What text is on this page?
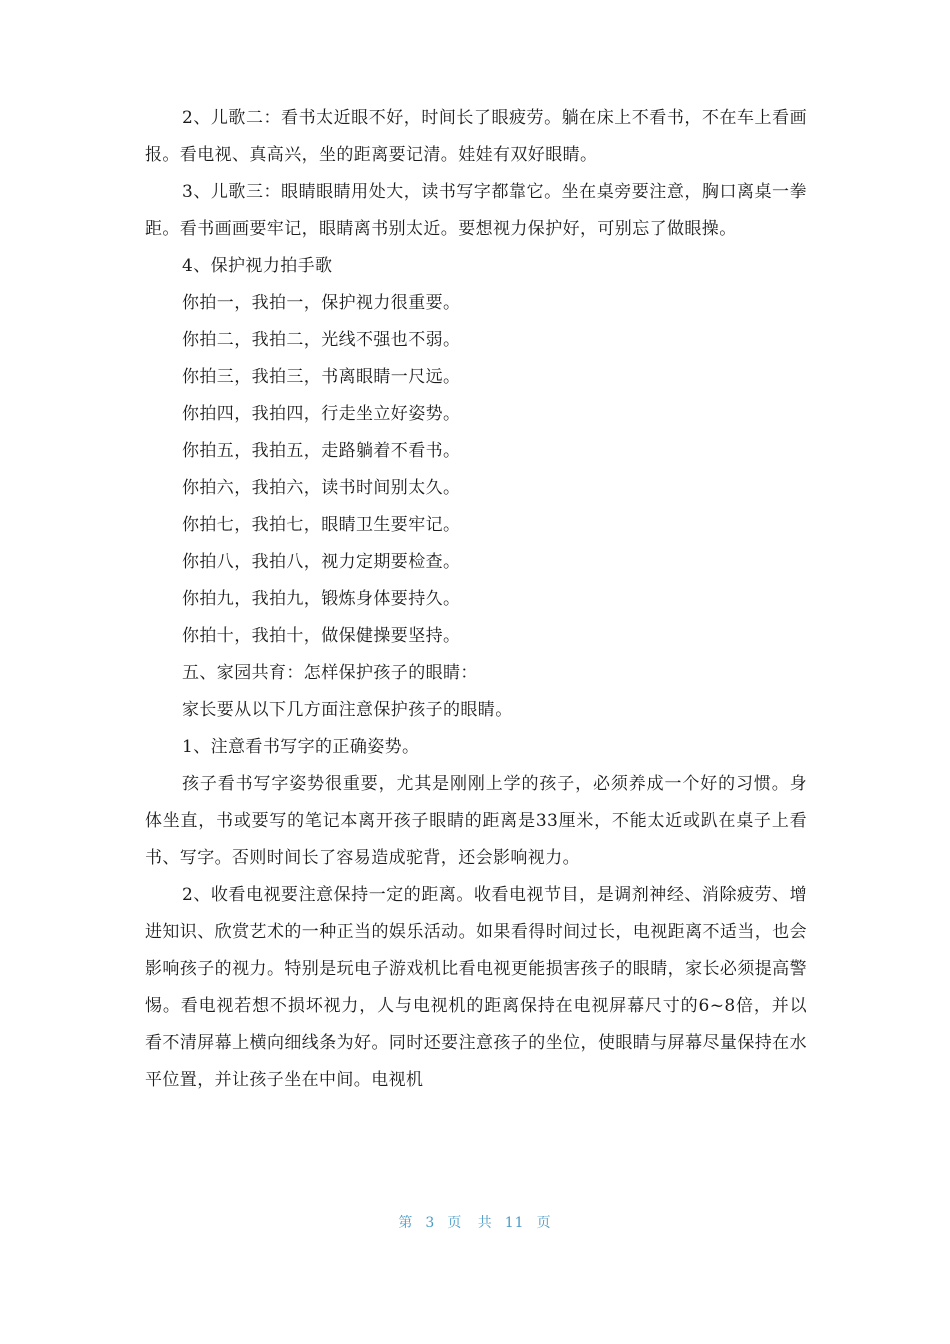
2、儿歌二：看书太近眼不好，时间长了眼疲劳。躺在床上不看书，不在车上看画报。看电视、真高兴，坐的距离要记清。娃娃有双好眼睛。

3、儿歌三：眼睛眼睛用处大，读书写字都靠它。坐在桌旁要注意，胸口离桌一拳距。看书画画要牢记，眼睛离书别太近。要想视力保护好，可别忘了做眼操。

4、保护视力拍手歌

你拍一，我拍一，保护视力很重要。

你拍二，我拍二，光线不强也不弱。

你拍三，我拍三，书离眼睛一尺远。

你拍四，我拍四，行走坐立好姿势。

你拍五，我拍五，走路躺着不看书。

你拍六，我拍六，读书时间别太久。

你拍七，我拍七，眼睛卫生要牢记。

你拍八，我拍八，视力定期要检查。

你拍九，我拍九，锻炼身体要持久。

你拍十，我拍十，做保健操要坚持。

五、家园共育：怎样保护孩子的眼睛：

家长要从以下几方面注意保护孩子的眼睛。

1、注意看书写字的正确姿势。

孩子看书写字姿势很重要，尤其是刚刚上学的孩子，必须养成一个好的习惯。身体坐直，书或要写的笔记本离开孩子眼睛的距离是33厘米，不能太近或趴在桌子上看书、写字。否则时间长了容易造成驼背，还会影响视力。

2、收看电视要注意保持一定的距离。收看电视节目，是调剂神经、消除疲劳、增进知识、欣赏艺术的一种正当的娱乐活动。如果看得时间过长，电视距离不适当，也会影响孩子的视力。特别是玩电子游戏机比看电视更能损害孩子的眼睛，家长必须提高警惕。看电视若想不损坏视力，人与电视机的距离保持在电视屏幕尺寸的6~8倍，并以看不清屏幕上横向细线条为好。同时还要注意孩子的坐位，使眼睛与屏幕尽量保持在水平位置，并让孩子坐在中间。电视机

第 3 页 共 11 页
